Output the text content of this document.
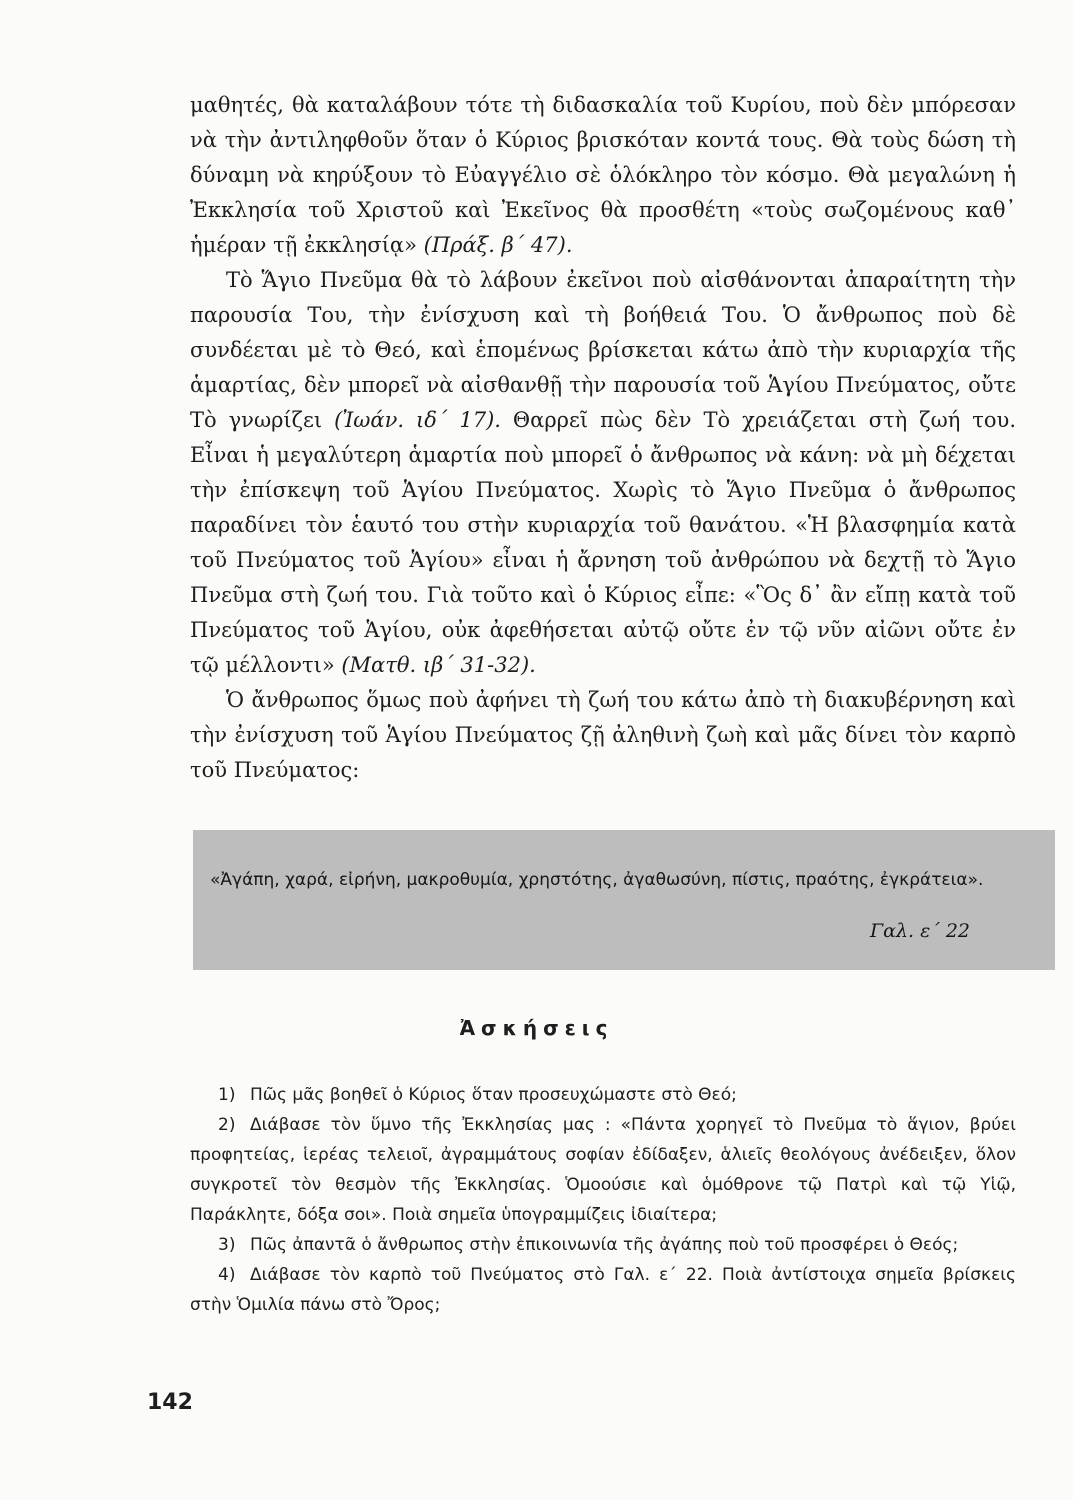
μαθητές, θὰ καταλάβουν τότε τὴ διδασκαλία τοῦ Κυρίου, ποὺ δὲν μπόρεσαν νὰ τὴν ἀντιληφθοῦν ὅταν ὁ Κύριος βρισκόταν κοντά τους. Θὰ τοὺς δώση τὴ δύναμη νὰ κηρύξουν τὸ Εὐαγγέλιο σὲ ὁλόκληρο τὸν κόσμο. Θὰ μεγαλώνη ἡ Ἐκκλησία τοῦ Χριστοῦ καὶ Ἐκεῖνος θὰ προσθέτη «τοὺς σωζομένους καθ᾿ ἡμέραν τῇ ἐκκλησίᾳ» (Πράξ. β΄ 47).

Τὸ Ἅγιο Πνεῦμα θὰ τὸ λάβουν ἐκεῖνοι ποὺ αἰσθάνονται ἀπαραίτητη τὴν παρουσία Του, τὴν ἐνίσχυση καὶ τὴ βοήθειά Του. Ὁ ἄνθρωπος ποὺ δὲ συνδέεται μὲ τὸ Θεό, καὶ ἑπομένως βρίσκεται κάτω ἀπὸ τὴν κυριαρχία τῆς ἁμαρτίας, δὲν μπορεῖ νὰ αἰσθανθῇ τὴν παρουσία τοῦ Ἁγίου Πνεύματος, οὔτε Τὸ γνωρίζει (Ἰωάν. ιδ΄ 17). Θαρρεῖ πὼς δὲν Τὸ χρειάζεται στὴ ζωή του. Εἶναι ἡ μεγαλύτερη ἁμαρτία ποὺ μπορεῖ ὁ ἄνθρωπος νὰ κάνη: νὰ μὴ δέχεται τὴν ἐπίσκεψη τοῦ Ἁγίου Πνεύματος. Χωρὶς τὸ Ἅγιο Πνεῦμα ὁ ἄνθρωπος παραδίνει τὸν ἑαυτό του στὴν κυριαρχία τοῦ θανάτου. «Ἡ βλασφημία κατὰ τοῦ Πνεύματος τοῦ Ἁγίου» εἶναι ἡ ἄρνηση τοῦ ἀνθρώπου νὰ δεχτῇ τὸ Ἅγιο Πνεῦμα στὴ ζωή του. Γιὰ τοῦτο καὶ ὁ Κύριος εἶπε: «Ὃς δ᾿ ἂν εἴπῃ κατὰ τοῦ Πνεύματος τοῦ Ἁγίου, οὐκ ἀφεθήσεται αὐτῷ οὔτε ἐν τῷ νῦν αἰῶνι οὔτε ἐν τῷ μέλλοντι» (Ματθ. ιβ΄ 31-32).

Ὁ ἄνθρωπος ὅμως ποὺ ἀφήνει τὴ ζωή του κάτω ἀπὸ τὴ διακυβέρνηση καὶ τὴν ἐνίσχυση τοῦ Ἁγίου Πνεύματος ζῇ ἀληθινὴ ζωὴ καὶ μᾶς δίνει τὸν καρπὸ τοῦ Πνεύματος:

«Ἀγάπη, χαρά, εἰρήνη, μακροθυμία, χρηστότης, ἀγαθωσύνη, πίστις, πραότης, ἐγκράτεια».
Γαλ. ε΄ 22
Ἀσκήσεις

1) Πῶς μᾶς βοηθεῖ ὁ Κύριος ὅταν προσευχώμαστε στὸ Θεό;

2) Διάβασε τὸν ὕμνο τῆς Ἐκκλησίας μας : «Πάντα χορηγεῖ τὸ Πνεῦμα τὸ ἅγιον, βρύει προφητείας, ἱερέας τελειοῖ, ἀγραμμάτους σοφίαν ἐδίδαξεν, ἁλιεῖς θεολόγους ἀνέδειξεν, ὅλον συγκροτεῖ τὸν θεσμὸν τῆς Ἐκκλησίας. Ὁμοούσιε καὶ ὁμόθρονε τῷ Πατρὶ καὶ τῷ Υἱῷ, Παράκλητε, δόξα σοι». Ποιὰ σημεῖα ὑπογραμμίζεις ἰδιαίτερα;

3) Πῶς ἀπαντᾶ ὁ ἄνθρωπος στὴν ἐπικοινωνία τῆς ἀγάπης ποὺ τοῦ προσφέρει ὁ Θεός;

4) Διάβασε τὸν καρπὸ τοῦ Πνεύματος στὸ Γαλ. ε΄ 22. Ποιὰ ἀντίστοιχα σημεῖα βρίσκεις στὴν Ὁμιλία πάνω στὸ Ὄρος;

142
